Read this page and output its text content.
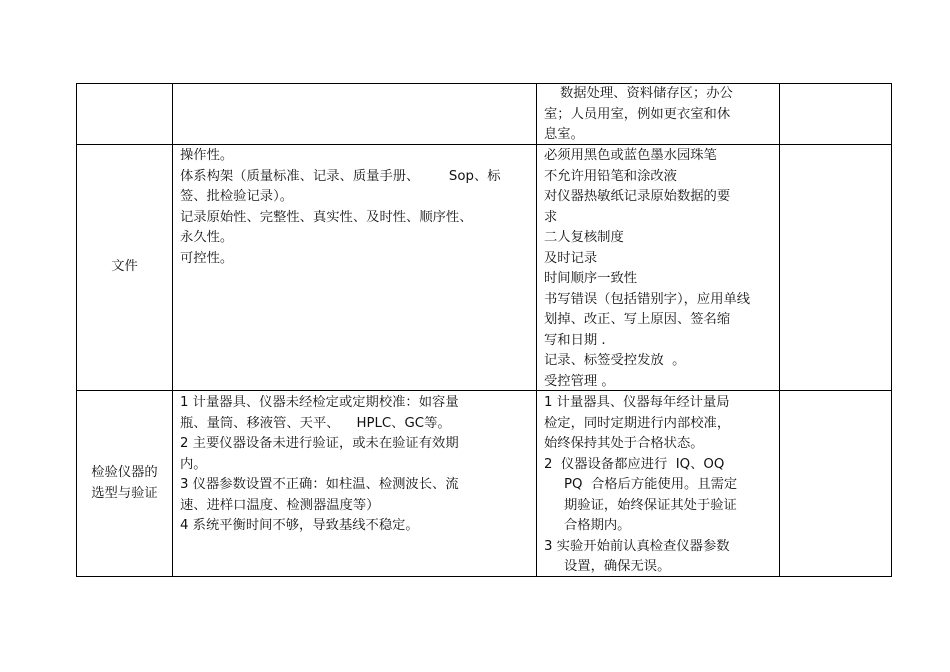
数据处理、资料储存区；办公

室；人员用室，例如更衣室和休

息室。

文件

操作性。

体系构架（质量标准、记录、质量手册、       Sop、标

签、批检验记录）。

记录原始性、完整性、真实性、及时性、顺序性、

永久性。

可控性。

必须用黑色或蓝色墨水园珠笔

不允许用铅笔和涂改液

对仪器热敏纸记录原始数据的要

求

二人复核制度

及时记录

时间顺序一致性

书写错误（包括错别字），应用单线

划掉、改正、写上原因、签名缩

写和日期 .

记录、标签受控发放  。

受控管理 。

检验仪器的

选型与验证

1 计量器具、仪器未经检定或定期校准：如容量

瓶、量筒、移液管、天平、    HPLC、GC等。

2 主要仪器设备未进行验证，或未在验证有效期

内。

3 仪器参数设置不正确：如柱温、检测波长、流

速、进样口温度、检测器温度等）

4 系统平衡时间不够，导致基线不稳定。

1 计量器具、仪器每年经计量局

检定，同时定期进行内部校准，

始终保持其处于合格状态。

2  仪器设备都应进行  IQ、OQ

PQ  合格后方能使用。且需定

期验证，始终保证其处于验证

合格期内。

3 实验开始前认真检查仪器参数

设置，确保无误。
